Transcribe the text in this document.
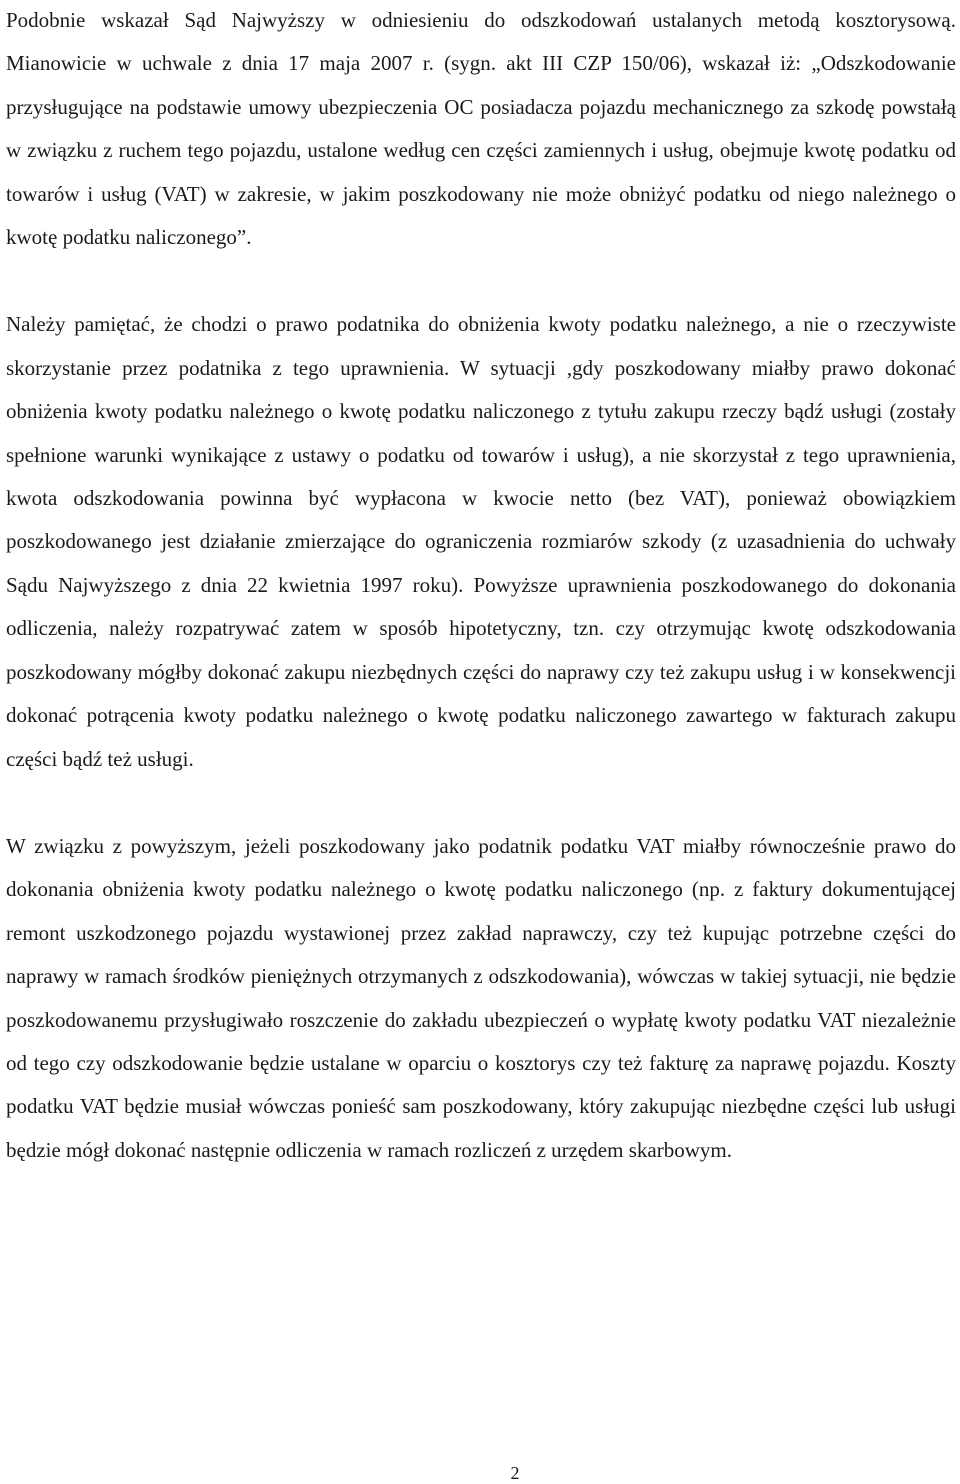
Podobnie wskazał Sąd Najwyższy w odniesieniu do odszkodowań ustalanych metodą kosztorysową. Mianowicie w uchwale z dnia 17 maja 2007 r. (sygn. akt III CZP 150/06), wskazał iż: „Odszkodowanie przysługujące na podstawie umowy ubezpieczenia OC posiadacza pojazdu mechanicznego za szkodę powstałą w związku z ruchem tego pojazdu, ustalone według cen części zamiennych i usług, obejmuje kwotę podatku od towarów i usług (VAT) w zakresie, w jakim poszkodowany nie może obniżyć podatku od niego należnego o kwotę podatku naliczonego”.

Należy pamiętać, że chodzi o prawo podatnika do obniżenia kwoty podatku należnego, a nie o rzeczywiste skorzystanie przez podatnika z tego uprawnienia. W sytuacji ,gdy poszkodowany miałby prawo dokonać obniżenia kwoty podatku należnego o kwotę podatku naliczonego z tytułu zakupu rzeczy bądź usługi (zostały spełnione warunki wynikające z ustawy o podatku od towarów i usług), a nie skorzystał z tego uprawnienia, kwota odszkodowania powinna być wypłacona w kwocie netto (bez VAT), ponieważ obowiązkiem poszkodowanego jest działanie zmierzające do ograniczenia rozmiarów szkody (z uzasadnienia do uchwały Sądu Najwyższego z dnia 22 kwietnia 1997 roku). Powyższe uprawnienia poszkodowanego do dokonania odliczenia, należy rozpatrywać zatem w sposób hipotetyczny, tzn. czy otrzymując kwotę odszkodowania poszkodowany mógłby dokonać zakupu niezbędnych części do naprawy czy też zakupu usług i w konsekwencji dokonać potrącenia kwoty podatku należnego o kwotę podatku naliczonego zawartego w fakturach zakupu części bądź też usługi.

W związku z powyższym, jeżeli poszkodowany jako podatnik podatku VAT miałby równocześnie prawo do dokonania obniżenia kwoty podatku należnego o kwotę podatku naliczonego (np. z faktury dokumentującej remont uszkodzonego pojazdu wystawionej przez zakład naprawczy, czy też kupując potrzebne części do naprawy w ramach środków pieniężnych otrzymanych z odszkodowania), wówczas w takiej sytuacji, nie będzie poszkodowanemu przysługiwało roszczenie do zakładu ubezpieczeń o wypłatę kwoty podatku VAT niezależnie od tego czy odszkodowanie będzie ustalane w oparciu o kosztorys czy też fakturę za naprawę pojazdu. Koszty podatku VAT będzie musiał wówczas ponieść sam poszkodowany, który zakupując niezbędne części lub usługi będzie mógł dokonać następnie odliczenia w ramach rozliczeń z urzędem skarbowym.

2
